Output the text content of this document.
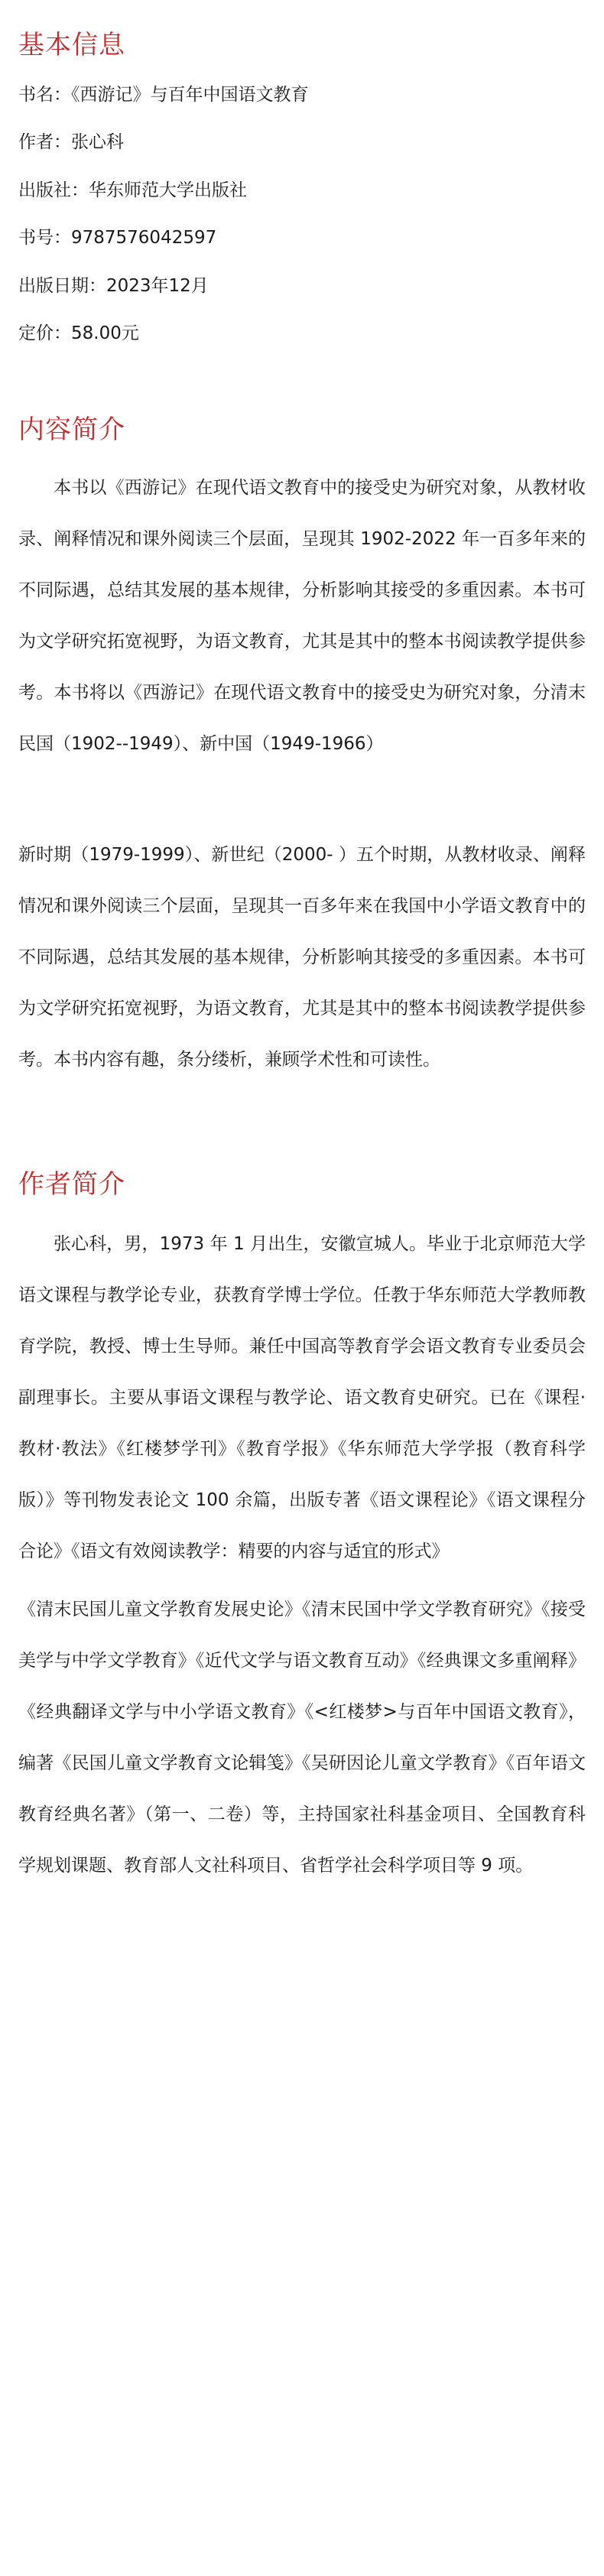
基本信息

书名：《西游记》与百年中国语文教育

作者：张心科

出版社：华东师范大学出版社

书号：9787576042597

出版日期：2023年12月

定价：58.00元

内容简介

本书以《西游记》在现代语文教育中的接受史为研究对象，从教材收录、阐释情况和课外阅读三个层面，呈现其 1902-2022 年一百多年来的不同际遇，总结其发展的基本规律，分析影响其接受的多重因素。本书可为文学研究拓宽视野，为语文教育，尤其是其中的整本书阅读教学提供参考。本书将以《西游记》在现代语文教育中的接受史为研究对象，分清末民国（1902--1949）、新中国（1949-1966）

新时期（1979-1999）、新世纪（2000- ）五个时期，从教材收录、阐释情况和课外阅读三个层面，呈现其一百多年来在我国中小学语文教育中的不同际遇，总结其发展的基本规律，分析影响其接受的多重因素。本书可为文学研究拓宽视野，为语文教育，尤其是其中的整本书阅读教学提供参考。本书内容有趣，条分缕析，兼顾学术性和可读性。

作者简介

张心科，男，1973 年 1 月出生，安徽宣城人。毕业于北京师范大学语文课程与教学论专业，获教育学博士学位。任教于华东师范大学教师教育学院，教授、博士生导师。兼任中国高等教育学会语文教育专业委员会副理事长。主要从事语文课程与教学论、语文教育史研究。已在《课程·教材·教法》《红楼梦学刊》《教育学报》《华东师范大学学报（教育科学版）》等刊物发表论文 100 余篇，出版专著《语文课程论》《语文课程分合论》《语文有效阅读教学：精要的内容与适宜的形式》

《清末民国儿童文学教育发展史论》《清末民国中学文学教育研究》《接受美学与中学文学教育》《近代文学与语文教育互动》《经典课文多重阐释》《经典翻译文学与中小学语文教育》《<红楼梦>与百年中国语文教育》，编著《民国儿童文学教育文论辑笺》《吴研因论儿童文学教育》《百年语文教育经典名著》（第一、二卷）等，主持国家社科基金项目、全国教育科学规划课题、教育部人文社科项目、省哲学社会科学项目等 9 项。
